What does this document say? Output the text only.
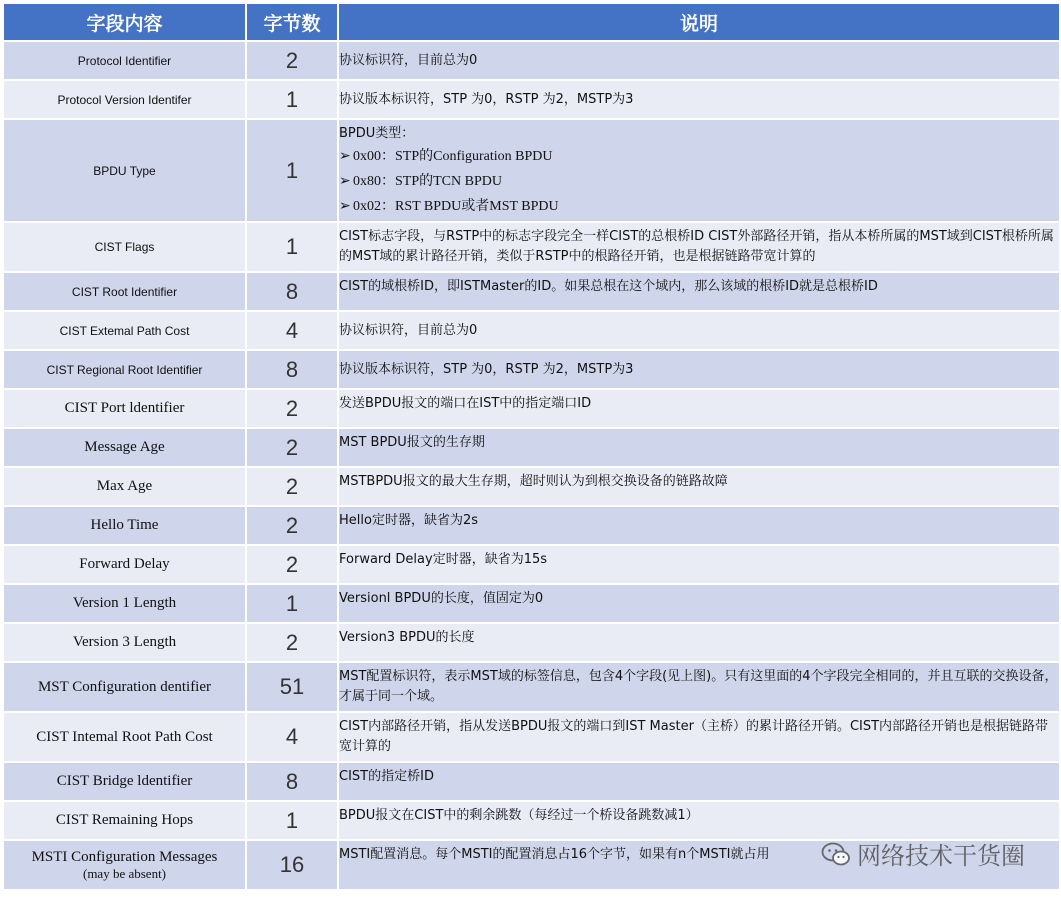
字段内容	字节数	说明
Protocol Identifier	2	协议标识符，目前总为0
Protocol Version Identifer	1	协议版本标识符，STP 为0，RSTP 为2，MSTP为3
BPDU Type	1	BPDU类型：
➢ 0x00：STP的Configuration BPDU
➢ 0x80：STP的TCN BPDU
➢ 0x02：RST BPDU或者MST BPDU

CIST Flags	1	CIST标志字段，与RSTP中的标志字段完全一样CIST的总根桥ID CIST外部路径开销，指从本桥所属的MST域到CIST根桥所属的MST域的累计路径开销，类似于RSTP中的根路径开销，也是根据链路带宽计算的
CIST Root Identifier	8	CIST的域根桥ID，即ISTMaster的ID。如果总根在这个域内，那么该域的根桥ID就是总根桥ID
CIST Extemal Path Cost	4	协议标识符，目前总为0
CIST Regional Root Identifier	8	协议版本标识符，STP 为0，RSTP 为2，MSTP为3
CIST Port ldentifier	2	发送BPDU报文的端口在IST中的指定端口ID
Message Age	2	MST BPDU报文的生存期
Max Age	2	MSTBPDU报文的最大生存期，超时则认为到根交换设备的链路故障
Hello Time	2	Hello定时器，缺省为2s
Forward Delay	2	Forward Delay定时器，缺省为15s
Version 1 Length	1	Versionl BPDU的长度，值固定为0
Version 3 Length	2	Version3 BPDU的长度
MST Configuration dentifier	51	MST配置标识符，表示MST域的标签信息，包含4个字段(见上图)。只有这里面的4个字段完全相同的，并且互联的交换设备，才属于同一个域。
CIST Intemal Root Path Cost	4	CIST内部路径开销，指从发送BPDU报文的端口到IST Master（主桥）的累计路径开销。CIST内部路径开销也是根据链路带宽计算的
CIST Bridge ldentifier	8	CIST的指定桥ID
CIST Remaining Hops	1	BPDU报文在CIST中的剩余跳数（每经过一个桥设备跳数减1）

MSTI Configuration Messages
(may be absent)	16	MSTI配置消息。每个MSTI的配置消息占16个字节，如果有n个MSTI就占用	网络技术干货圈
